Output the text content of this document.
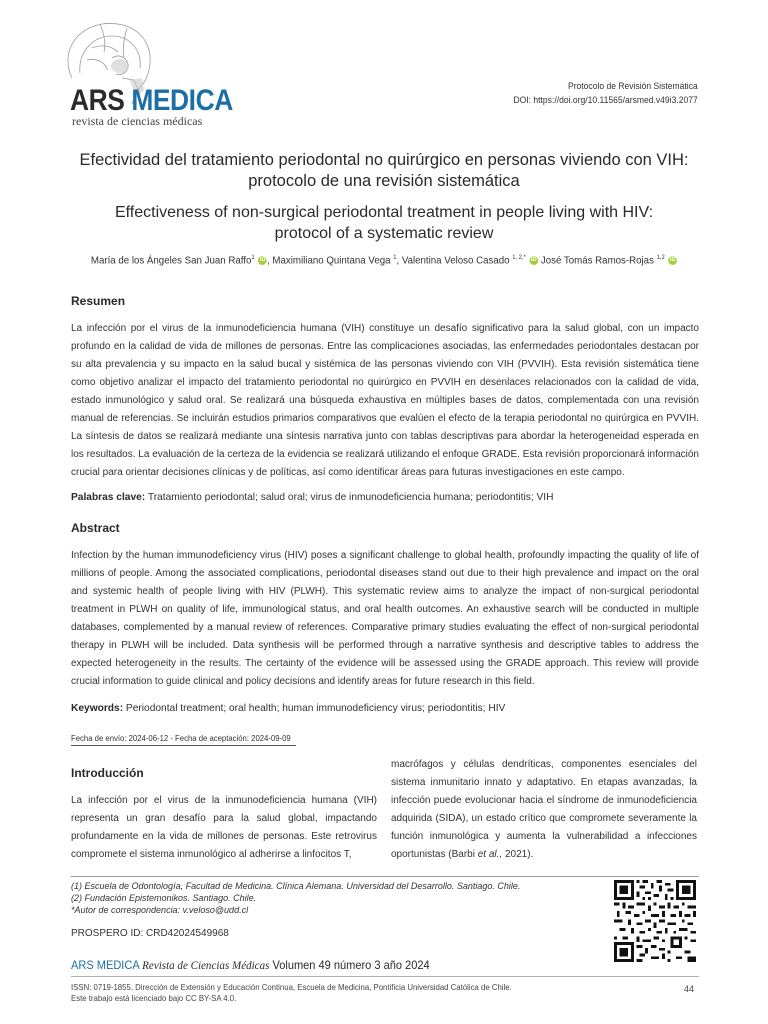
ARS MEDICA
revista de ciencias médicas
Protocolo de Revisión Sistemática
DOI: https://doi.org/10.11565/arsmed.v49i3.2077
Efectividad del tratamiento periodontal no quirúrgico en personas viviendo con VIH:
protocolo de una revisión sistemática
Effectiveness of non-surgical periodontal treatment in people living with HIV:
protocol of a systematic review
María de los Ángeles San Juan Raffo$^1$ iD, Maximiliano Quintana Vega $^1$, Valentina Veloso Casado $^{1, 2,*}$ iD José Tomás Ramos-Rojas $^{1,2}$ iD
Resumen
La infección por el virus de la inmunodeficiencia humana (VIH) constituye un desafío significativo para la salud global, con un impacto profundo en la calidad de vida de millones de personas. Entre las complicaciones asociadas, las enfermedades periodontales destacan por su alta prevalencia y su impacto en la salud bucal y sistémica de las personas viviendo con VIH (PVVIH). Esta revisión sistemática tiene como objetivo analizar el impacto del tratamiento periodontal no quirúrgico en PVVIH en desenlaces relacionados con la calidad de vida, estado inmunológico y salud oral. Se realizará una búsqueda exhaustiva en múltiples bases de datos, complementada con una revisión manual de referencias. Se incluirán estudios primarios comparativos que evalúen el efecto de la terapia periodontal no quirúrgica en PVVIH. La síntesis de datos se realizará mediante una síntesis narrativa junto con tablas descriptivas para abordar la heterogeneidad esperada en los resultados. La evaluación de la certeza de la evidencia se realizará utilizando el enfoque GRADE. Esta revisión proporcionará información crucial para orientar decisiones clínicas y de políticas, así como identificar áreas para futuras investigaciones en este campo.
Palabras clave: Tratamiento periodontal; salud oral; virus de inmunodeficiencia humana; periodontitis; VIH
Abstract
Infection by the human immunodeficiency virus (HIV) poses a significant challenge to global health, profoundly impacting the quality of life of millions of people. Among the associated complications, periodontal diseases stand out due to their high prevalence and impact on the oral and systemic health of people living with HIV (PLWH). This systematic review aims to analyze the impact of non-surgical periodontal treatment in PLWH on quality of life, immunological status, and oral health outcomes. An exhaustive search will be conducted in multiple databases, complemented by a manual review of references. Comparative primary studies evaluating the effect of non-surgical periodontal therapy in PLWH will be included. Data synthesis will be performed through a narrative synthesis and descriptive tables to address the expected heterogeneity in the results. The certainty of the evidence will be assessed using the GRADE approach. This review will provide crucial information to guide clinical and policy decisions and identify areas for future research in this field.
Keywords: Periodontal treatment; oral health; human immunodeficiency virus; periodontitis; HIV
Fecha de envío: 2024-06-12 - Fecha de aceptación: 2024-09-09
Introducción
La infección por el virus de la inmunodeficiencia humana (VIH) representa un gran desafío para la salud global, impactando profundamente en la vida de millones de personas. Este retrovirus compromete el sistema inmunológico al adherirse a linfocitos T,
macrófagos y células dendríticas, componentes esenciales del sistema inmunitario innato y adaptativo. En etapas avanzadas, la infección puede evolucionar hacia el síndrome de inmunodeficiencia adquirida (SIDA), un estado crítico que compromete severamente la función inmunológica y aumenta la vulnerabilidad a infecciones oportunistas (Barbi et al., 2021).
(1) Escuela de Odontología, Facultad de Medicina. Clínica Alemana. Universidad del Desarrollo. Santiago. Chile.
(2) Fundación Epistemonikos. Santiago. Chile.
*Autor de correspondencia: v.veloso@udd.cl
PROSPERO ID: CRD42024549968
ARS MEDICA Revista de Ciencias Médicas Volumen 49 número 3 año 2024
ISSN: 0719-1855. Dirección de Extensión y Educación Continua, Escuela de Medicina, Pontificia Universidad Católica de Chile.
Este trabajo está licenciado bajo CC BY-SA 4.0.
44
